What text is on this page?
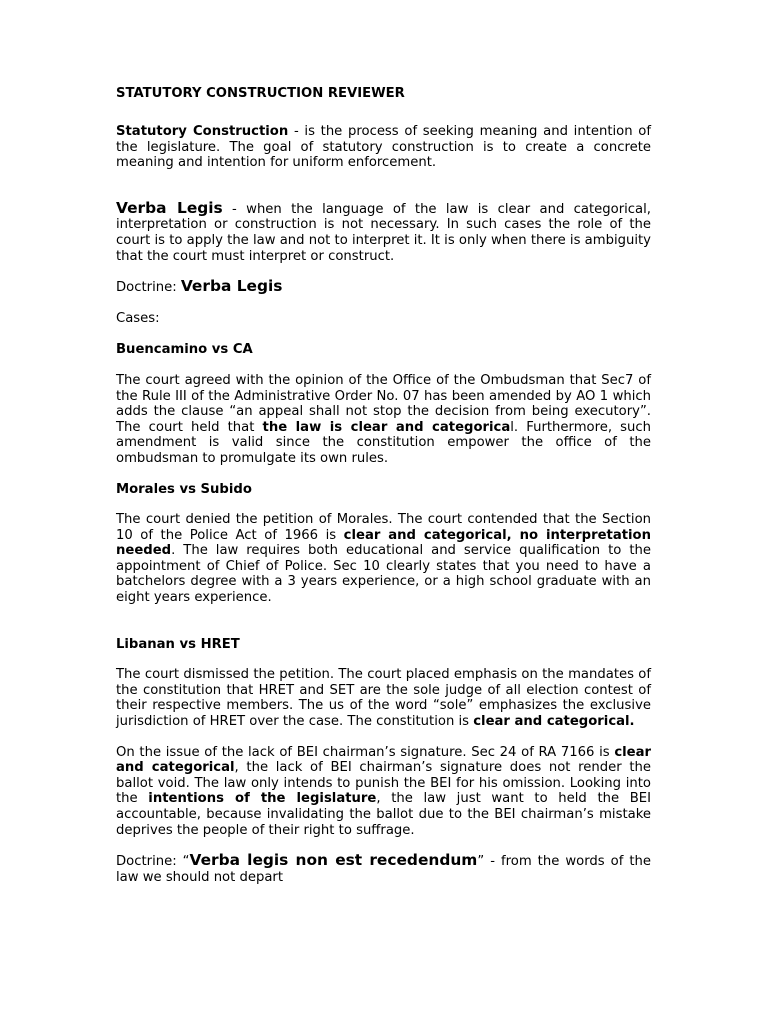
STATUTORY CONSTRUCTION REVIEWER

Statutory Construction - is the process of seeking meaning and intention of the legislature. The goal of statutory construction is to create a concrete meaning and intention for uniform enforcement.

Verba Legis - when the language of the law is clear and categorical, interpretation or construction is not necessary. In such cases the role of the court is to apply the law and not to interpret it. It is only when there is ambiguity that the court must interpret or construct.

Doctrine: Verba Legis

Cases:

Buencamino vs CA

The court agreed with the opinion of the Office of the Ombudsman that Sec7 of the Rule III of the Administrative Order No. 07 has been amended by AO 1 which adds the clause “an appeal shall not stop the decision from being executory”. The court held that the law is clear and categorical. Furthermore, such amendment is valid since the constitution empower the office of the ombudsman to promulgate its own rules.

Morales vs Subido

The court denied the petition of Morales. The court contended that the Section 10 of the Police Act of 1966 is clear and categorical, no interpretation needed. The law requires both educational and service qualification to the appointment of Chief of Police. Sec 10 clearly states that you need to have a batchelors degree with a 3 years experience, or a high school graduate with an eight years experience.

Libanan vs HRET

The court dismissed the petition. The court placed emphasis on the mandates of the constitution that HRET and SET are the sole judge of all election contest of their respective members. The us of the word “sole” emphasizes the exclusive jurisdiction of HRET over the case. The constitution is clear and categorical.

On the issue of the lack of BEI chairman’s signature. Sec 24 of RA 7166 is clear and categorical, the lack of BEI chairman’s signature does not render the ballot void. The law only intends to punish the BEI for his omission. Looking into the intentions of the legislature, the law just want to held the BEI accountable, because invalidating the ballot due to the BEI chairman’s mistake deprives the people of their right to suffrage.

Doctrine: “Verba legis non est recedendum” - from the words of the law we should not depart
